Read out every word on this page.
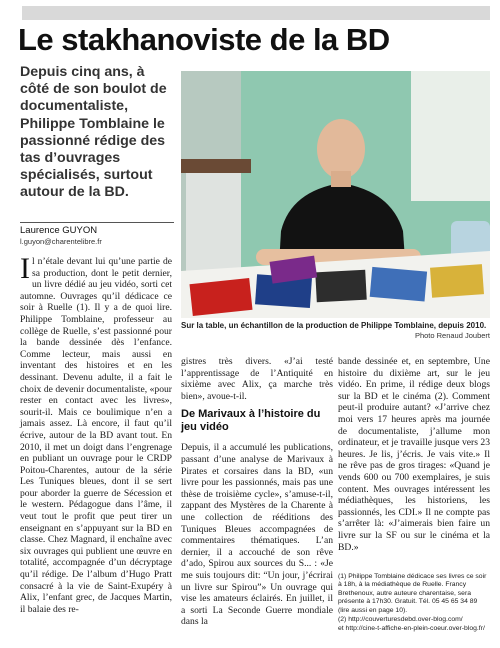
Le stakhanoviste de la BD
Depuis cinq ans, à côté de son boulot de documentaliste, Philippe Tomblaine le passionné rédige des tas d’ouvrages spécialisés, surtout autour de la BD.
Laurence GUYON
l.guyon@charentelibre.fr
Sur la table, un échantillon de la production de Philippe Tomblaine, depuis 2010.
Photo Renaud Joubert

Il n’étale devant lui qu’une partie de sa production, dont le petit dernier, un livre dédié au jeu vidéo, sorti cet automne. Ouvrages qu’il dédicace ce soir à Ruelle (1). Il y a de quoi lire. Philippe Tomblaine, professeur au collège de Ruelle, s’est passionné pour la bande dessinée dès l’enfance. Comme lecteur, mais aussi en inventant des histoires et en les dessinant. Devenu adulte, il a fait le choix de devenir documentaliste, «pour rester en contact avec les livres», sourit-il. Mais ce boulimique n’en a jamais assez. Là encore, il faut qu’il écrive, autour de la BD avant tout. En 2010, il met un doigt dans l’engrenage en publiant un ouvrage pour le CRDP Poitou-Charentes, autour de la série Les Tuniques bleues, dont il se sert pour aborder la guerre de Sécession et le western. Pédagogue dans l’âme, il veut tout le profit que peut tirer un enseignant en s’appuyant sur la BD en classe. Chez Magnard, il enchaîne avec six ouvrages qui publient une œuvre en totalité, accompagnée d’un décryptage qu’il rédige. De l’album d’Hugo Pratt consacré à la vie de Saint-Exupéry à Alix, l’enfant grec, de Jacques Martin, il balaie des re-

gistres très divers. «J’ai testé l’apprentissage de l’Antiquité en sixième avec Alix, ça marche très bien», avoue-t-il.

De Marivaux à l’histoire du jeu vidéo

Depuis, il a accumulé les publications, passant d’une analyse de Marivaux à Pirates et corsaires dans la BD, «un livre pour les passionnés, mais pas une thèse de troisième cycle», s’amuse-t-il, zappant des Mystères de la Charente à une collection de rééditions des Tuniques Bleues accompagnées de commentaires thématiques. L’an dernier, il a accouché de son rêve d’ado, Spirou aux sources du S... : «Je me suis toujours dit: “Un jour, j’écrirai un livre sur Spirou”» Un ouvrage qui vise les amateurs éclairés. En juillet, il a sorti La Seconde Guerre mondiale dans la

bande dessinée et, en septembre, Une histoire du dixième art, sur le jeu vidéo. En prime, il rédige deux blogs sur la BD et le cinéma (2). Comment peut-il produire autant? «J’arrive chez moi vers 17 heures après ma journée de documentaliste, j’allume mon ordinateur, et je travaille jusque vers 23 heures. Je lis, j’écris. Je vais vite.» Il ne rêve pas de gros tirages: «Quand je vends 600 ou 700 exemplaires, je suis content. Mes ouvrages intéressent les médiathèques, les historiens, les passionnés, les CDI.» Il ne compte pas s’arrêter là: «J’aimerais bien faire un livre sur la SF ou sur le cinéma et la BD.»

(1) Philippe Tomblaine dédicace ses livres ce soir à 18h, à la médiathèque de Ruelle. Francy Brethenoux, autre auteure charentaise, sera présente à 17h30. Gratuit. Tél. 05 45 65 34 89 (lire aussi en page 10).

(2) http://couverturesdebd.over-blog.com/

et http://cine-t-affiche-en-plein-coeur.over-blog.fr/
